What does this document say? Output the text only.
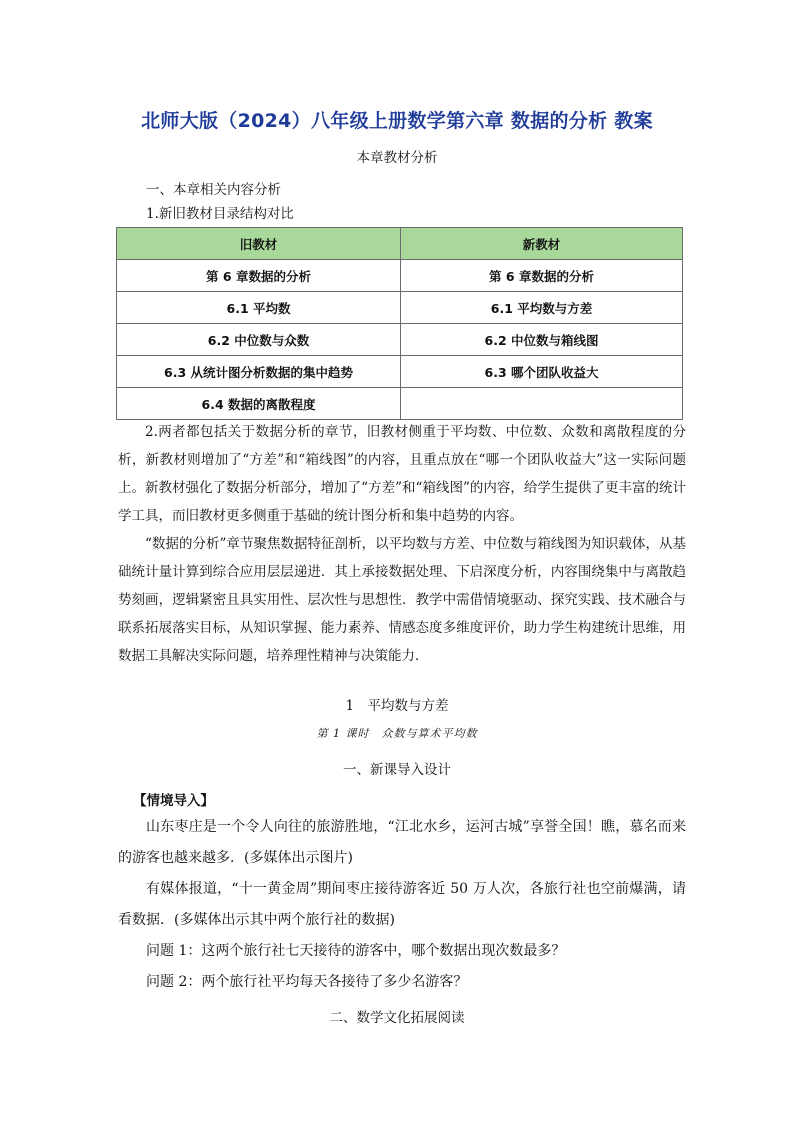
北师大版（2024）八年级上册数学第六章 数据的分析 教案
本章教材分析
一、本章相关内容分析
1.新旧教材目录结构对比
旧教材	新教材
第 6 章数据的分析	第 6 章数据的分析
6.1 平均数	6.1 平均数与方差
6.2 中位数与众数	6.2 中位数与箱线图
6.3 从统计图分析数据的集中趋势	6.3 哪个团队收益大
6.4 数据的离散程度	

2.两者都包括关于数据分析的章节，旧教材侧重于平均数、中位数、众数和离散程度的分析，新教材则增加了“方差”和“箱线图”的内容，且重点放在“哪一个团队收益大”这一实际问题上。新教材强化了数据分析部分，增加了“方差”和“箱线图”的内容，给学生提供了更丰富的统计学工具，而旧教材更多侧重于基础的统计图分析和集中趋势的内容。

“数据的分析”章节聚焦数据特征剖析，以平均数与方差、中位数与箱线图为知识载体，从基础统计量计算到综合应用层层递进．其上承接数据处理、下启深度分析，内容围绕集中与离散趋势刻画，逻辑紧密且具实用性、层次性与思想性．教学中需借情境驱动、探究实践、技术融合与联系拓展落实目标，从知识掌握、能力素养、情感态度多维度评价，助力学生构建统计思维，用数据工具解决实际问题，培养理性精神与决策能力．

1　 平均数与方差
第 1 课时　众数与算术平均数
一、新课导入设计
【情境导入】

山东枣庄是一个令人向往的旅游胜地，“江北水乡，运河古城”享誉全国！瞧，慕名而来的游客也越来越多．(多媒体出示图片)

有媒体报道，“十一黄金周”期间枣庄接待游客近 50 万人次，各旅行社也空前爆满，请看数据．(多媒体出示其中两个旅行社的数据)

问题 1：这两个旅行社七天接待的游客中，哪个数据出现次数最多？

问题 2：两个旅行社平均每天各接待了多少名游客？

二、数学文化拓展阅读
